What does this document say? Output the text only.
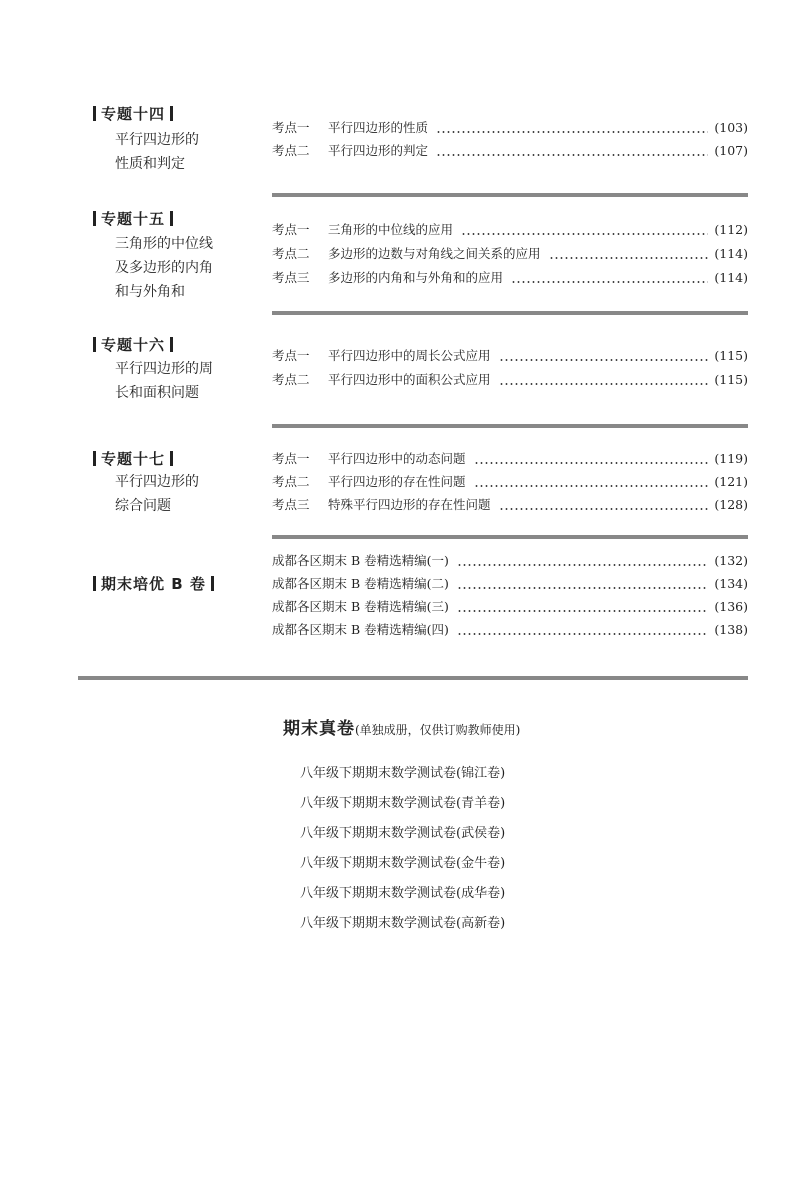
专题十四
平行四边形的
性质和判定
考点一	平行四边形的性质	(103)
考点二	平行四边形的判定	(107)
专题十五
三角形的中位线
及多边形的内角
和与外角和
考点一	三角形的中位线的应用	(112)
考点二	多边形的边数与对角线之间关系的应用	(114)
考点三	多边形的内角和与外角和的应用	(114)
专题十六
平行四边形的周
长和面积问题
考点一	平行四边形中的周长公式应用	(115)
考点二	平行四边形中的面积公式应用	(115)
专题十七
平行四边形的
综合问题
考点一	平行四边形中的动态问题	(119)
考点二	平行四边形的存在性问题	(121)
考点三	特殊平行四边形的存在性问题	(128)
期末培优 B 卷
成都各区期末 B 卷精选精编(一)	(132)
成都各区期末 B 卷精选精编(二)	(134)
成都各区期末 B 卷精选精编(三)	(136)
成都各区期末 B 卷精选精编(四)	(138)
期末真卷(单独成册，仅供订购教师使用)
八年级下期期末数学测试卷(锦江卷)
八年级下期期末数学测试卷(青羊卷)
八年级下期期末数学测试卷(武侯卷)
八年级下期期末数学测试卷(金牛卷)
八年级下期期末数学测试卷(成华卷)
八年级下期期末数学测试卷(高新卷)
